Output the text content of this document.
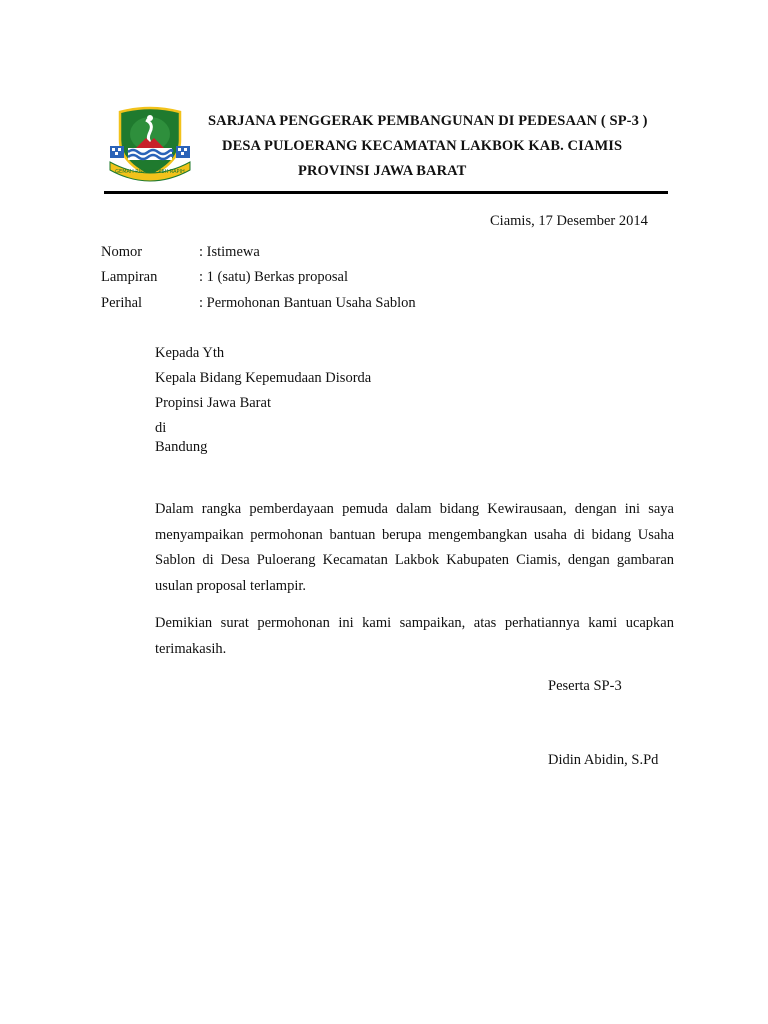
GEMAH RIPAH REPEH RAPIH
SARJANA PENGGERAK PEMBANGUNAN DI PEDESAAN ( SP-3 )
DESA PULOERANG KECAMATAN LAKBOK KAB. CIAMIS
PROVINSI JAWA BARAT
Ciamis, 17 Desember 2014
Nomor	: Istimewa
Lampiran	: 1 (satu) Berkas proposal
Perihal	: Permohonan Bantuan Usaha Sablon
Kepada Yth
Kepala Bidang Kepemudaan Disorda
Propinsi Jawa Barat
di
Bandung
Dalam rangka pemberdayaan pemuda dalam bidang Kewirausaan, dengan ini saya menyampaikan permohonan bantuan berupa mengembangkan usaha di bidang Usaha Sablon di Desa Puloerang Kecamatan Lakbok Kabupaten Ciamis, dengan gambaran usulan proposal terlampir.
Demikian surat permohonan ini kami sampaikan, atas perhatiannya kami ucapkan terimakasih.
Peserta SP-3
Didin Abidin, S.Pd
